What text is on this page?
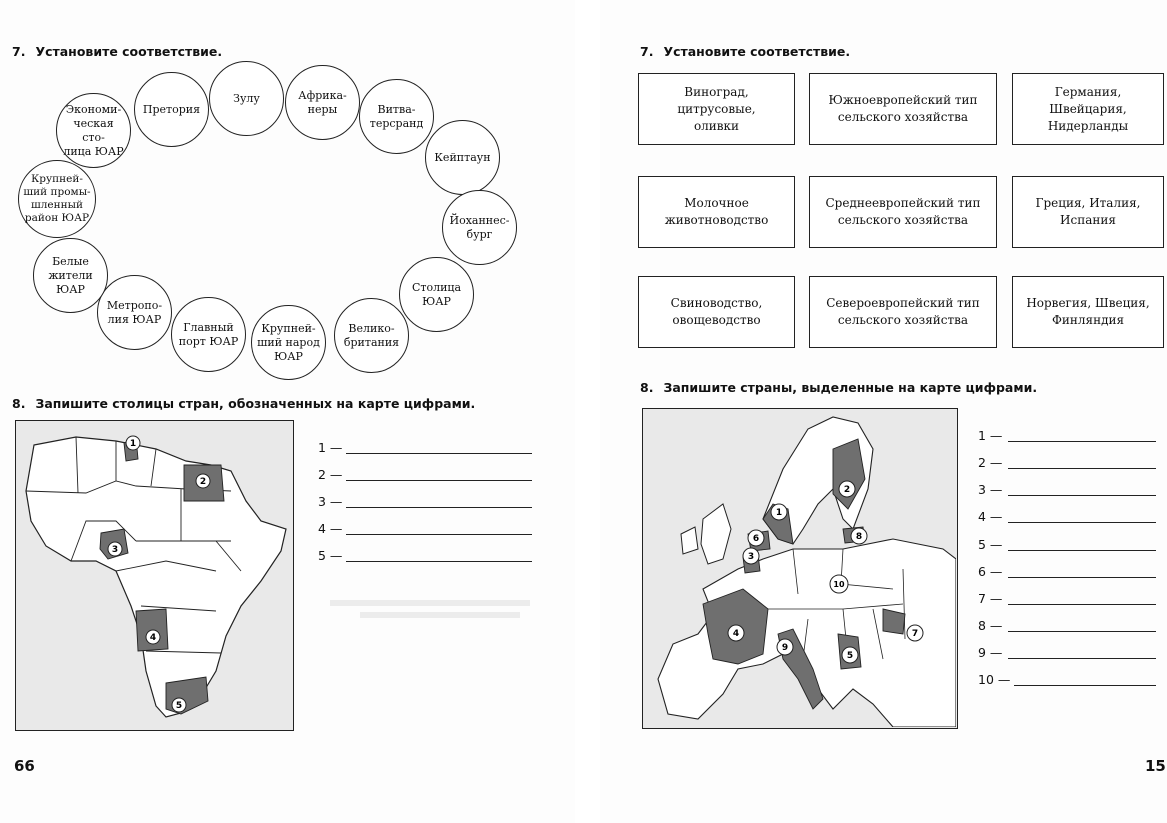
7. Установите соответствие.
Экономи-
ческая сто-
лица ЮАР
Претория
Зулу	Африка-
неры	Витва-
терсранд
Кейптаун
Йоханнес-
бург
Столица
ЮАР
Велико-
британия
Крупней-
ший народ
ЮАР
Главный
порт ЮАР
Метропо-
лия ЮАР
Белые
жители
ЮАР
Крупней-
ший промы-
шленный
район ЮАР
8. Запишите столицы стран, обозначенных на карте цифрами.
1
2
3
4
5
1 —
2 —
3 —
4 —
5 —
66
7. Установите соответствие.
Виноград,
цитрусовые,
оливки
Южноевропейский тип
сельского хозяйства
Германия,
Швейцария,
Нидерланды
Молочное
животноводство
Среднеевропейский тип
сельского хозяйства
Греция, Италия,
Испания
Свиноводство,
овощеводство
Североевропейский тип
сельского хозяйства
Норвегия, Швеция,
Финляндия
8. Запишите страны, выделенные на карте цифрами.
1
2
3
4
5
6
7
8
9
10
1 —
2 —
3 —
4 —
5 —
6 —
7 —
8 —
9 —
10 —
15
